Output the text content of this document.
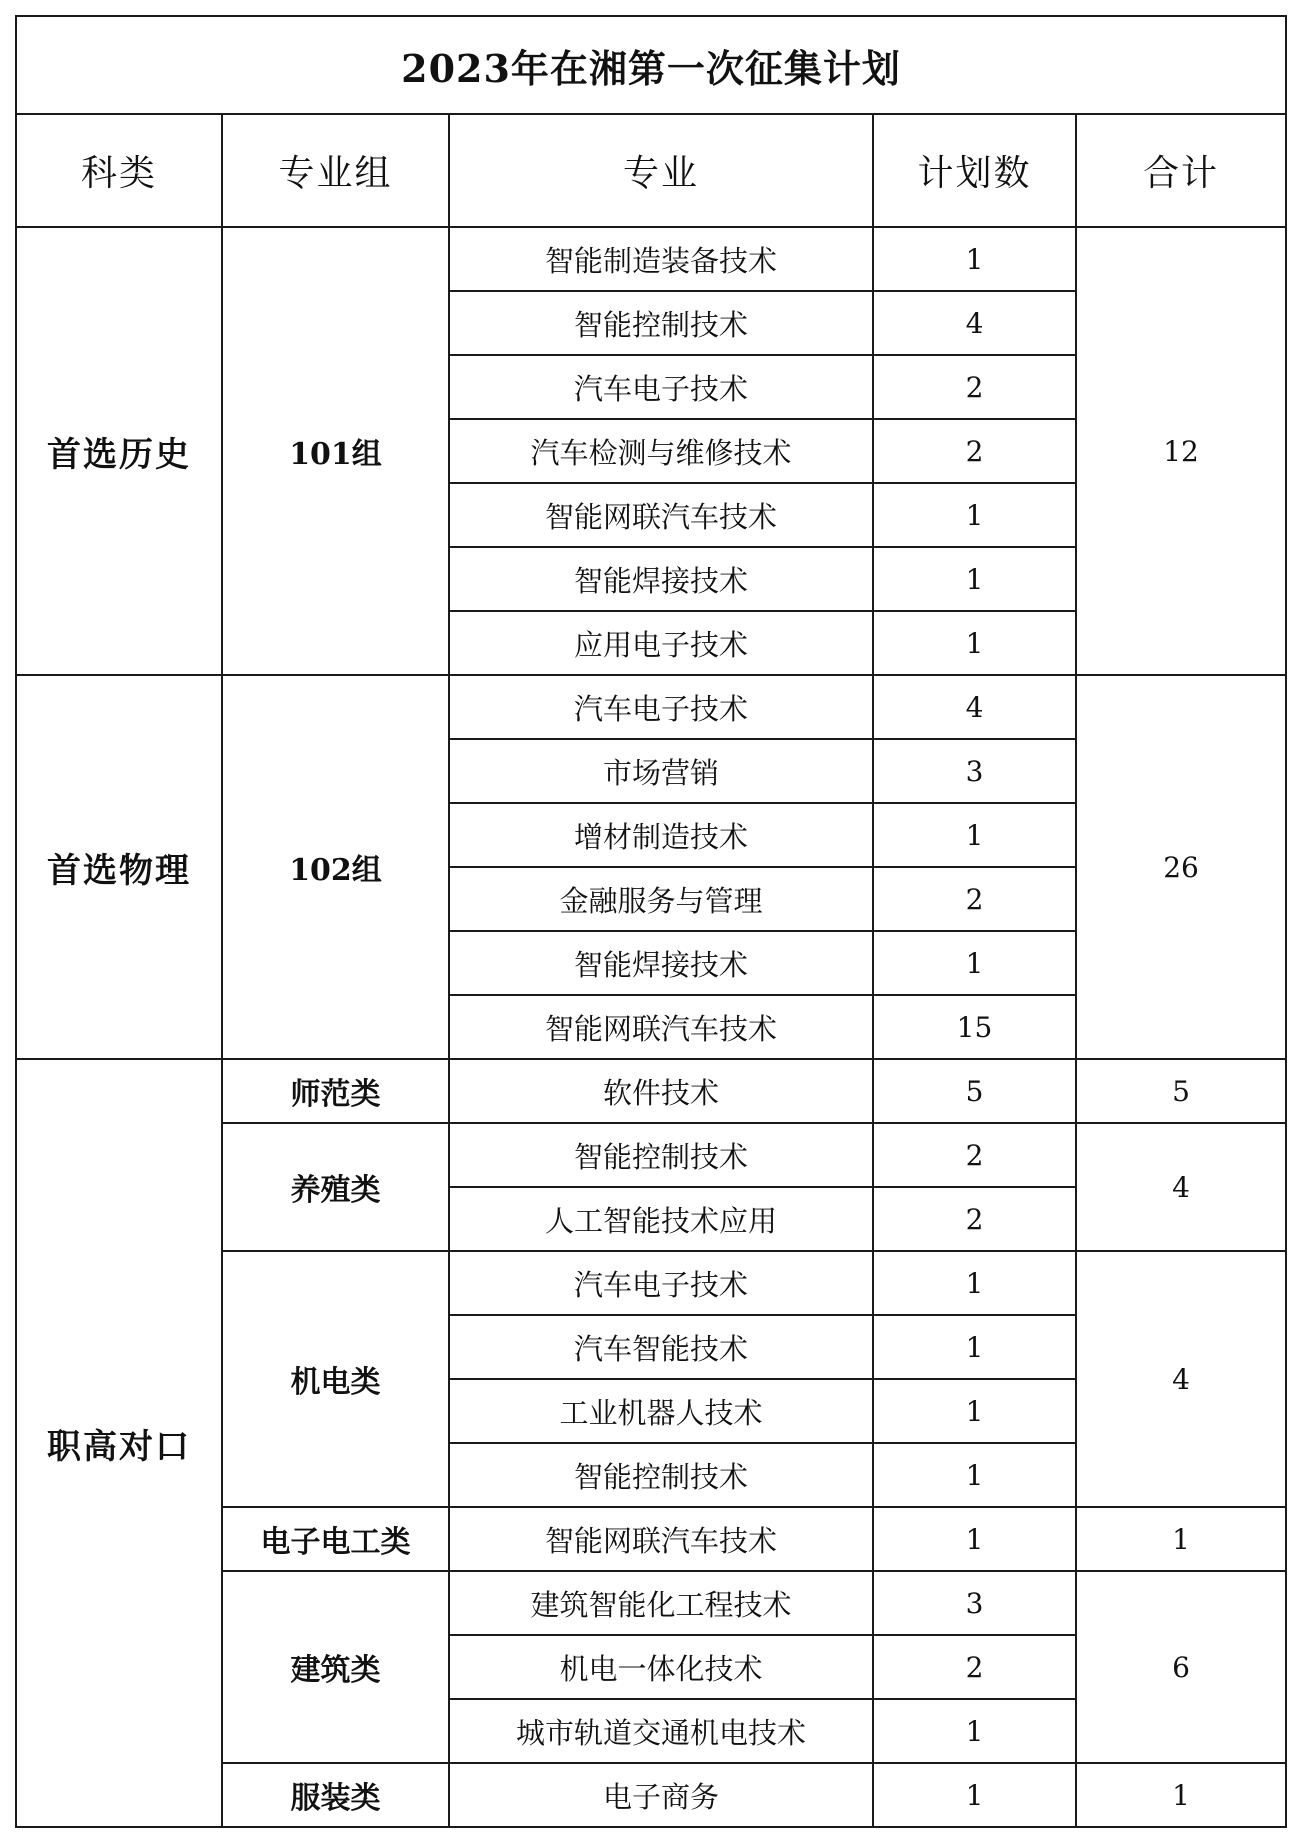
2023年在湘第一次征集计划				
科类	专业组	专业	计划数	合计
首选历史	101组	智能制造装备技术	1	12
		智能控制技术	4	
		汽车电子技术	2	
		汽车检测与维修技术	2	
		智能网联汽车技术	1	
		智能焊接技术	1	
		应用电子技术	1	
首选物理	102组	汽车电子技术	4	26
		市场营销	3	
		增材制造技术	1	
		金融服务与管理	2	
		智能焊接技术	1	
		智能网联汽车技术	15	
职高对口	师范类	软件技术	5	5
	养殖类	智能控制技术	2	4
		人工智能技术应用	2	
	机电类	汽车电子技术	1	4
		汽车智能技术	1	
		工业机器人技术	1	
		智能控制技术	1	
	电子电工类	智能网联汽车技术	1	1
	建筑类	建筑智能化工程技术	3	6
		机电一体化技术	2	
		城市轨道交通机电技术	1	
	服装类	电子商务	1	1
